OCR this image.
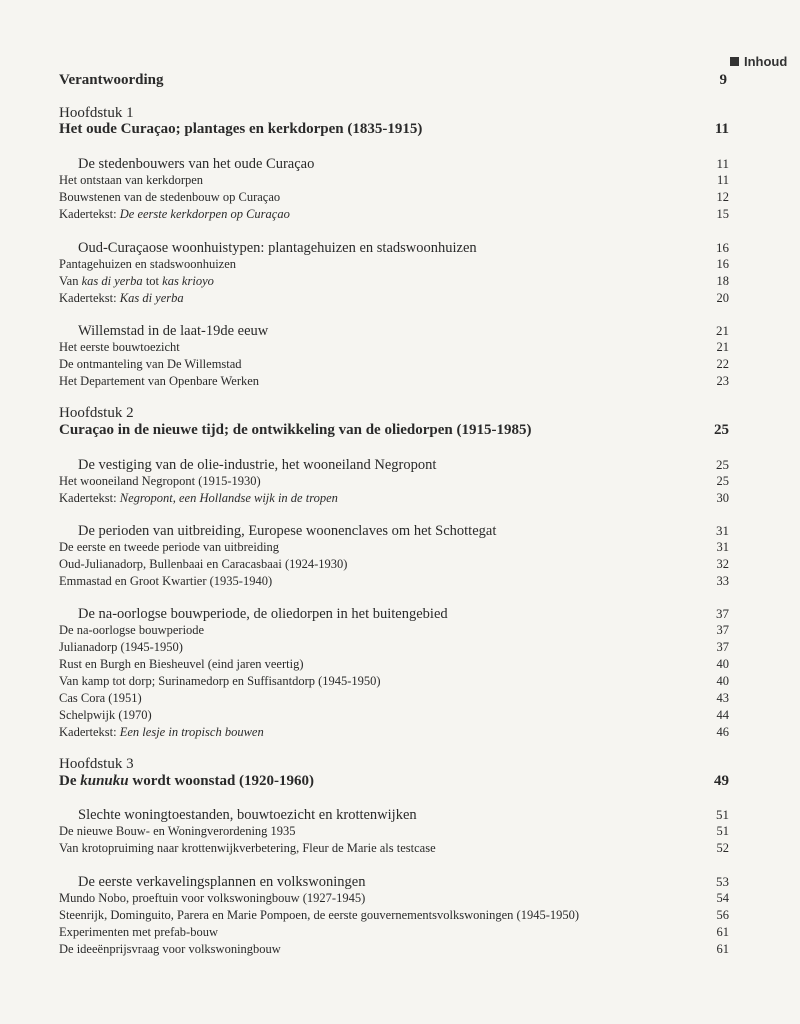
Inhoud
Verantwoording	9
Hoofdstuk 1
Het oude Curaçao; plantages en kerkdorpen (1835-1915)	11
De stedenbouwers van het oude Curaçao	11
Het ontstaan van kerkdorpen	11
Bouwstenen van de stedenbouw op Curaçao	12
Kadertekst: De eerste kerkdorpen op Curaçao	15
Oud-Curaçaose woonhuistypen: plantagehuizen en stadswoonhuizen	16
Pantagehuizen en stadswoonhuizen	16
Van kas di yerba tot kas krioyo	18
Kadertekst: Kas di yerba	20
Willemstad in de laat-19de eeuw	21
Het eerste bouwtoezicht	21
De ontmanteling van De Willemstad	22
Het Departement van Openbare Werken	23
Hoofdstuk 2
Curaçao in de nieuwe tijd; de ontwikkeling van de oliedorpen (1915-1985)	25
De vestiging van de olie-industrie, het wooneiland Negropont	25
Het wooneiland Negropont (1915-1930)	25
Kadertekst: Negropont, een Hollandse wijk in de tropen	30
De perioden van uitbreiding, Europese woonenclaves om het Schottegat	31
De eerste en tweede periode van uitbreiding	31
Oud-Julianadorp, Bullenbaai en Caracasbaai (1924-1930)	32
Emmastad en Groot Kwartier (1935-1940)	33
De na-oorlogse bouwperiode, de oliedorpen in het buitengebied	37
De na-oorlogse bouwperiode	37
Julianadorp (1945-1950)	37
Rust en Burgh en Biesheuvel (eind jaren veertig)	40
Van kamp tot dorp; Surinamedorp en Suffisantdorp (1945-1950)	40
Cas Cora (1951)	43
Schelpwijk (1970)	44
Kadertekst: Een lesje in tropisch bouwen	46
Hoofdstuk 3
De kunuku wordt woonstad (1920-1960)	49
Slechte woningtoestanden, bouwtoezicht en krottenwijken	51
De nieuwe Bouw- en Woningverordening 1935	51
Van krotopruiming naar krottenwijkverbetering, Fleur de Marie als testcase	52
De eerste verkavelingsplannen en volkswoningen	53
Mundo Nobo, proeftuin voor volkswoningbouw (1927-1945)	54
Steenrijk, Dominguito, Parera en Marie Pompoen, de eerste gouvernementsvolkswoningen (1945-1950)	56
Experimenten met prefab-bouw	61
De ideeënprijsvraag voor volkswoningbouw	61
